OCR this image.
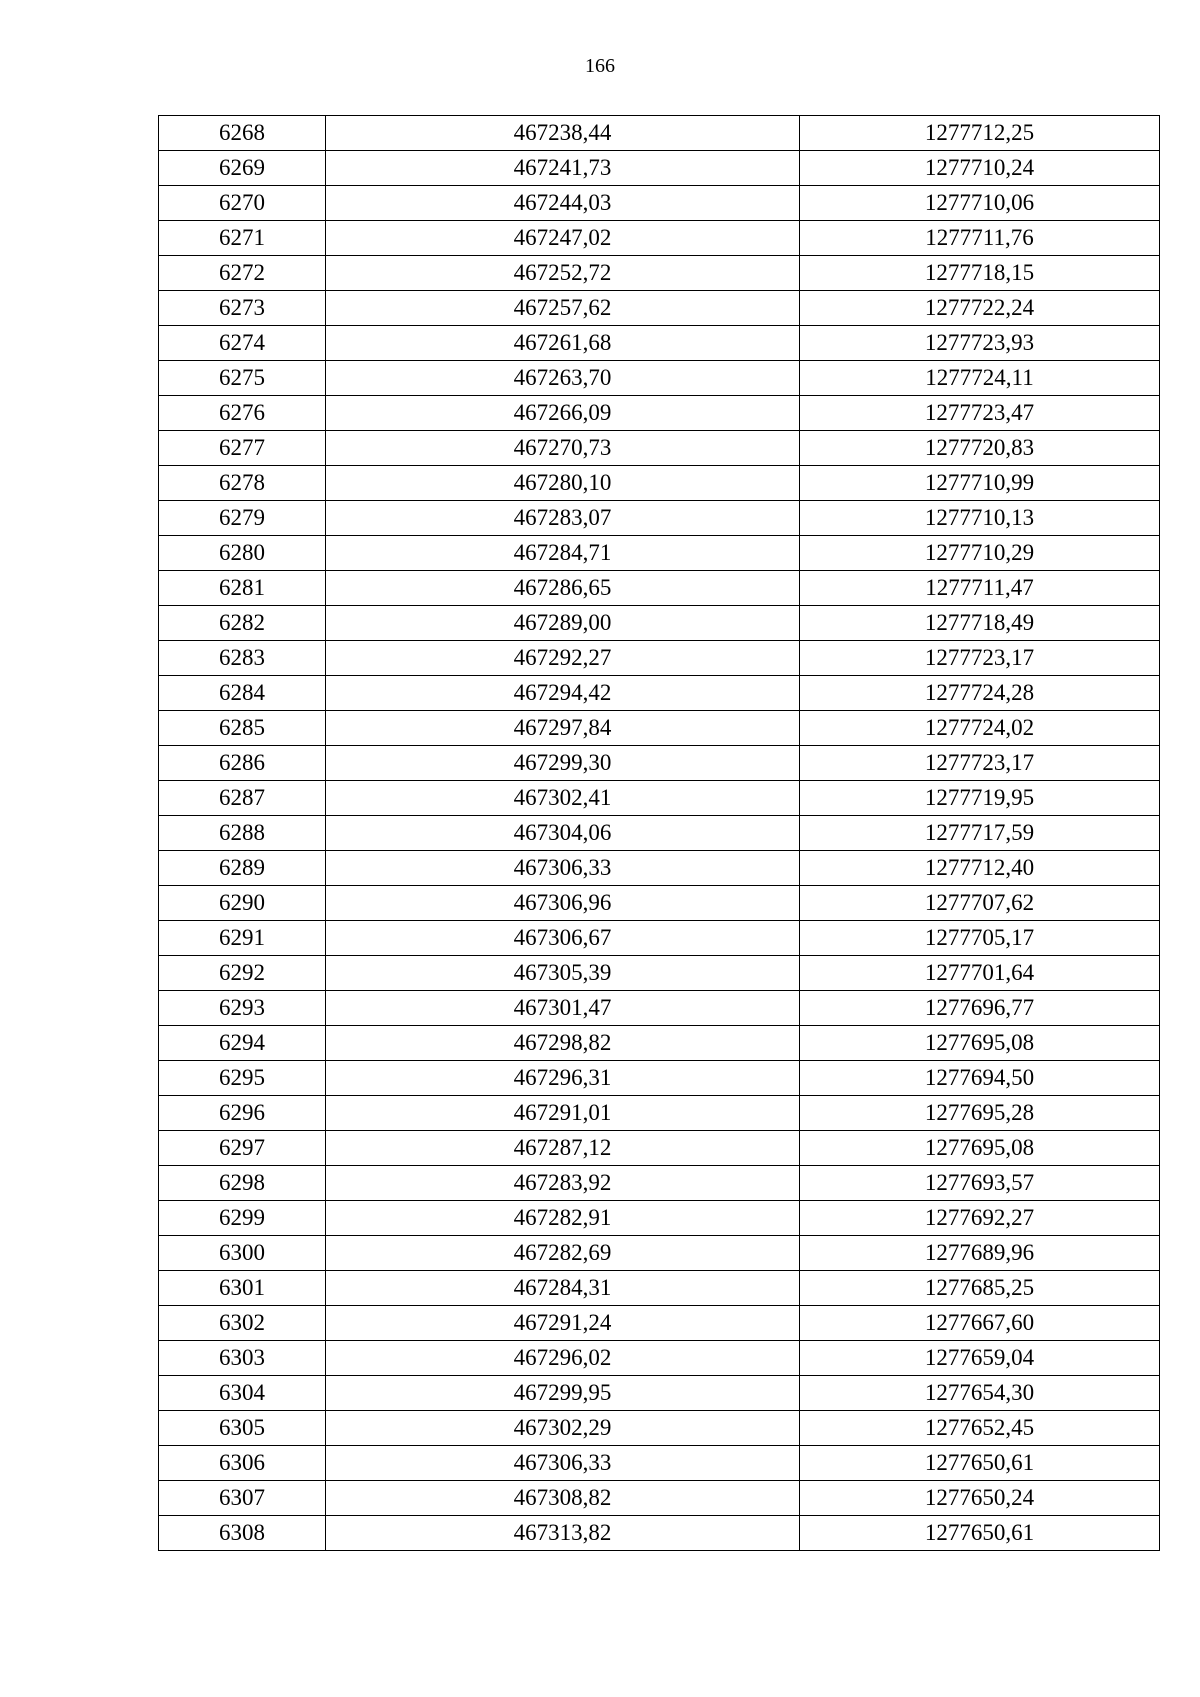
166
6268	467238,44	1277712,25
6269	467241,73	1277710,24
6270	467244,03	1277710,06
6271	467247,02	1277711,76
6272	467252,72	1277718,15
6273	467257,62	1277722,24
6274	467261,68	1277723,93
6275	467263,70	1277724,11
6276	467266,09	1277723,47
6277	467270,73	1277720,83
6278	467280,10	1277710,99
6279	467283,07	1277710,13
6280	467284,71	1277710,29
6281	467286,65	1277711,47
6282	467289,00	1277718,49
6283	467292,27	1277723,17
6284	467294,42	1277724,28
6285	467297,84	1277724,02
6286	467299,30	1277723,17
6287	467302,41	1277719,95
6288	467304,06	1277717,59
6289	467306,33	1277712,40
6290	467306,96	1277707,62
6291	467306,67	1277705,17
6292	467305,39	1277701,64
6293	467301,47	1277696,77
6294	467298,82	1277695,08
6295	467296,31	1277694,50
6296	467291,01	1277695,28
6297	467287,12	1277695,08
6298	467283,92	1277693,57
6299	467282,91	1277692,27
6300	467282,69	1277689,96
6301	467284,31	1277685,25
6302	467291,24	1277667,60
6303	467296,02	1277659,04
6304	467299,95	1277654,30
6305	467302,29	1277652,45
6306	467306,33	1277650,61
6307	467308,82	1277650,24
6308	467313,82	1277650,61
